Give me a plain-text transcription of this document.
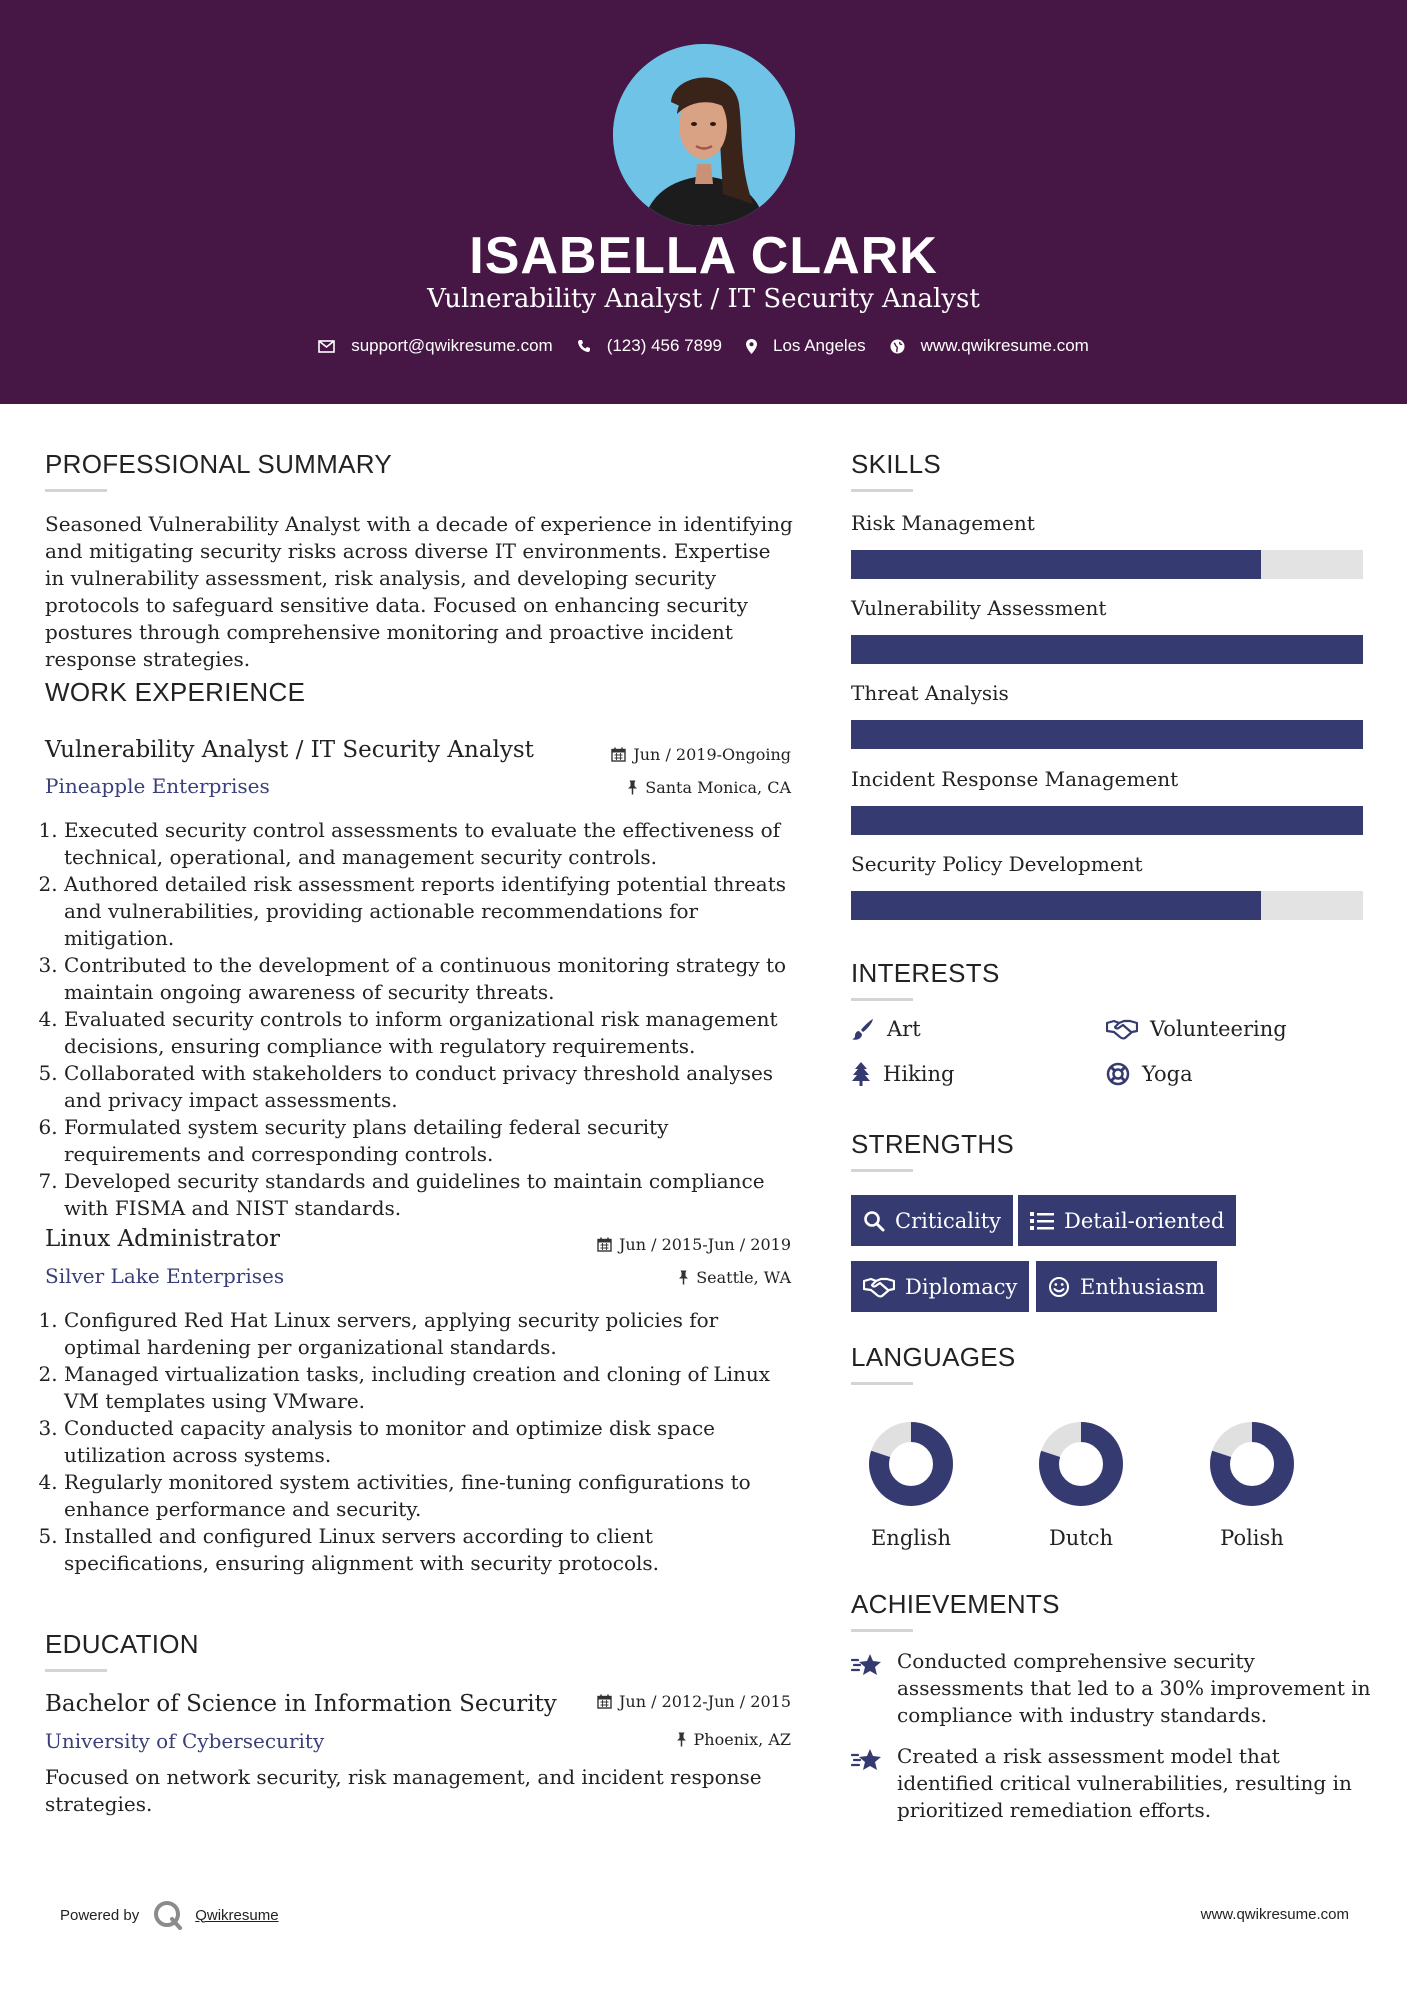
ISABELLA CLARK
Vulnerability Analyst / IT Security Analyst
support@qwikresume.com	(123) 456 7899	Los Angeles	www.qwikresume.com
PROFESSIONAL SUMMARY

Seasoned Vulnerability Analyst with a decade of experience in identifying and mitigating security risks across diverse IT environments. Expertise in vulnerability assessment, risk analysis, and developing security protocols to safeguard sensitive data. Focused on enhancing security postures through comprehensive monitoring and proactive incident response strategies.

WORK EXPERIENCE
Vulnerability Analyst / IT Security Analyst
Pineapple Enterprises
Jun / 2019-Ongoing
Santa Monica, CA
1. Executed security control assessments to evaluate the effectiveness of technical, operational, and management security controls.
2. Authored detailed risk assessment reports identifying potential threats and vulnerabilities, providing actionable recommendations for mitigation.
3. Contributed to the development of a continuous monitoring strategy to maintain ongoing awareness of security threats.
4. Evaluated security controls to inform organizational risk management decisions, ensuring compliance with regulatory requirements.
5. Collaborated with stakeholders to conduct privacy threshold analyses and privacy impact assessments.
6. Formulated system security plans detailing federal security requirements and corresponding controls.
7. Developed security standards and guidelines to maintain compliance with FISMA and NIST standards.
Linux Administrator
Silver Lake Enterprises
Jun / 2015-Jun / 2019
Seattle, WA
1. Configured Red Hat Linux servers, applying security policies for optimal hardening per organizational standards.
2. Managed virtualization tasks, including creation and cloning of Linux VM templates using VMware.
3. Conducted capacity analysis to monitor and optimize disk space utilization across systems.
4. Regularly monitored system activities, fine-tuning configurations to enhance performance and security.
5. Installed and configured Linux servers according to client specifications, ensuring alignment with security protocols.
EDUCATION
Bachelor of Science in Information Security
University of Cybersecurity
Jun / 2012-Jun / 2015
Phoenix, AZ

Focused on network security, risk management, and incident response strategies.

SKILLS
Risk Management
Vulnerability Assessment
Threat Analysis
Incident Response Management
Security Policy Development
INTERESTS
Art	Volunteering
Hiking	Yoga
STRENGTHS
Criticality	Detail-oriented
Diplomacy	Enthusiasm
LANGUAGES
English	Dutch	Polish
ACHIEVEMENTS

Conducted comprehensive security assessments that led to a 30% improvement in compliance with industry standards.

Created a risk assessment model that identified critical vulnerabilities, resulting in prioritized remediation efforts.

Powered by	Qwikresume	www.qwikresume.com
